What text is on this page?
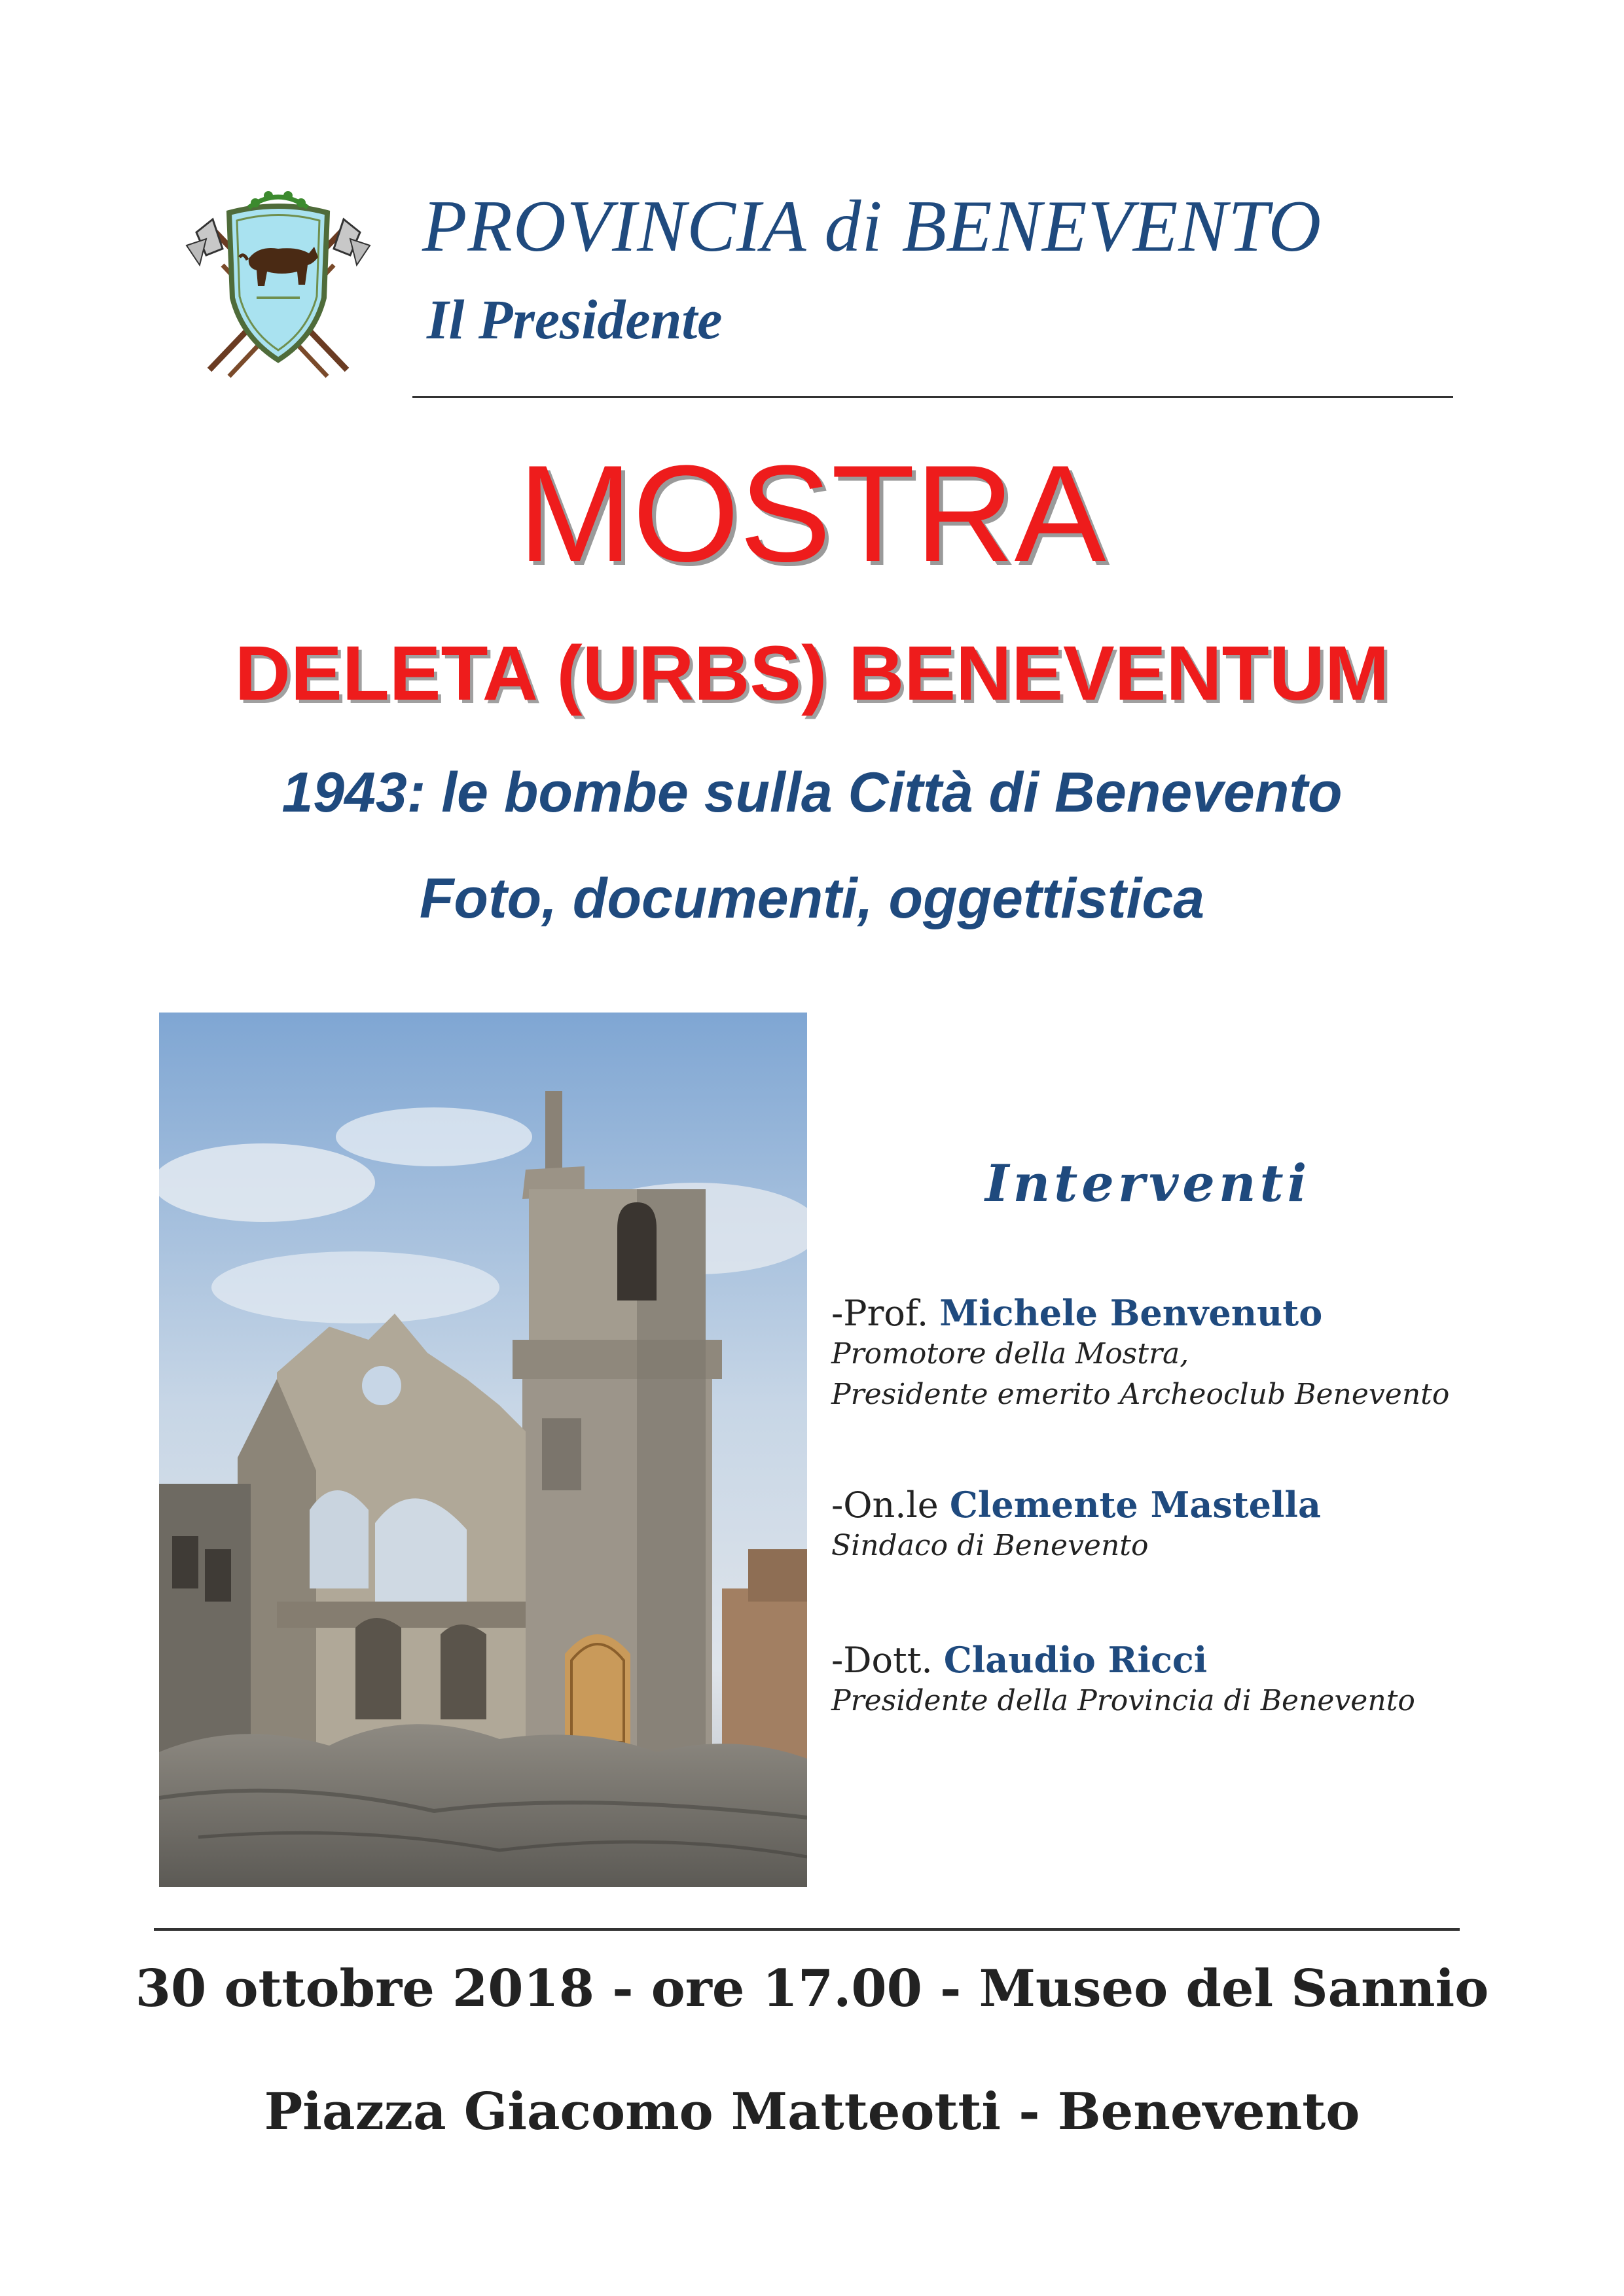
PROVINCIA di BENEVENTO
Il Presidente
MOSTRA
DELETA (URBS) BENEVENTUM
1943: le bombe sulla Città di Benevento
Foto, documenti, oggettistica
Interventi
-Prof. Michele Benvenuto
Promotore della Mostra,
Presidente emerito Archeoclub Benevento
-On.le Clemente Mastella
Sindaco di Benevento
-Dott. Claudio Ricci
Presidente della Provincia di Benevento
30 ottobre 2018 - ore 17.00 - Museo del Sannio
Piazza Giacomo Matteotti - Benevento
